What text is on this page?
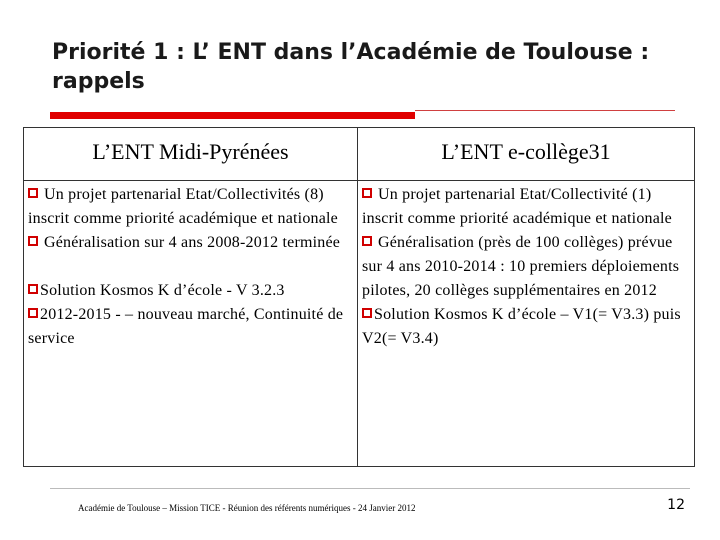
Priorité 1 : L’ ENT dans l’Académie de Toulouse : rappels
L’ENT Midi-Pyrénées	L’ENT e-collège31

Un projet partenarial Etat/Collectivités (8) inscrit comme priorité académique et nationale

Généralisation sur 4 ans 2008-2012 terminée

Solution Kosmos K d’école - V 3.2.3

2012-2015 - – nouveau marché, Continuité de service

Un projet partenarial Etat/Collectivité (1) inscrit comme priorité académique et nationale

Généralisation (près de 100 collèges) prévue sur 4 ans 2010-2014 : 10 premiers déploiements pilotes, 20 collèges supplémentaires en 2012

Solution Kosmos K d’école – V1(= V3.3) puis V2(= V3.4)

Académie de Toulouse – Mission TICE - Réunion des référents numériques - 24 Janvier 2012	12
